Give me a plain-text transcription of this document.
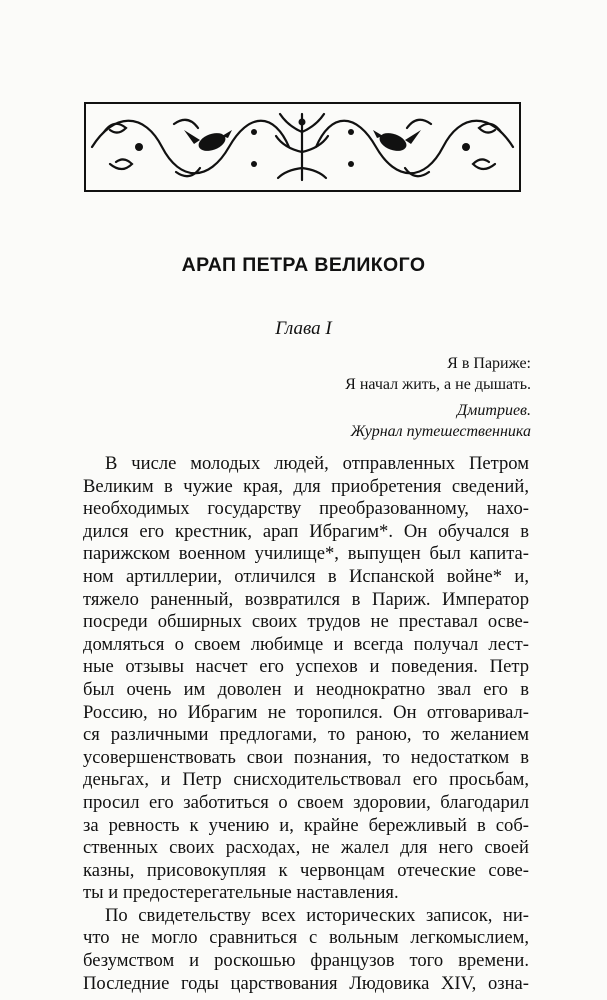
АРАП ПЕТРА ВЕЛИКОГО
Глава I
Я в Париже:
Я начал жить, а не дышать.
Дмитриев.
Журнал путешественника
В числе молодых людей, отправленных Петром
Великим в чужие края, для приобретения сведений,
необходимых государству преобразованному, нахо-
дился его крестник, арап Ибрагим*. Он обучался в
парижском военном училище*, выпущен был капита-
ном артиллерии, отличился в Испанской войне* и,
тяжело раненный, возвратился в Париж. Император
посреди обширных своих трудов не преставал осве-
домляться о своем любимце и всегда получал лест-
ные отзывы насчет его успехов и поведения. Петр
был очень им доволен и неоднократно звал его в
Россию, но Ибрагим не торопился. Он отговаривал-
ся различными предлогами, то раною, то желанием
усовершенствовать свои познания, то недостатком в
деньгах, и Петр снисходительствовал его просьбам,
просил его заботиться о своем здоровии, благодарил
за ревность к учению и, крайне бережливый в соб-
ственных своих расходах, не жалел для него своей
казны, присовокупляя к червонцам отеческие сове-
ты и предостерегательные наставления.
По свидетельству всех исторических записок, ни-
что не могло сравниться с вольным легкомыслием,
безумством и роскошью французов того времени.
Последние годы царствования Людовика XIV, озна-
